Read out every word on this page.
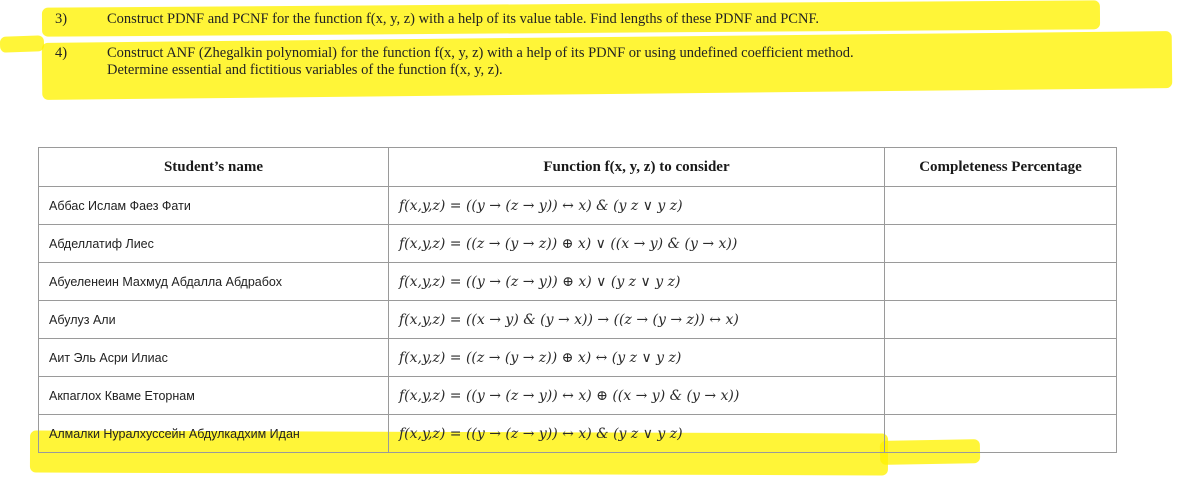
3)	Construct PDNF and PCNF for the function f(x, y, z) with a help of its value table. Find lengths of these PDNF and PCNF.
4)	Construct ANF (Zhegalkin polynomial) for the function f(x, y, z) with a help of its PDNF or using undefined coefficient method.
Determine essential and fictitious variables of the function f(x, y, z).
Student’s name	Function f(x, y, z) to consider	Completeness Percentage
Аббас Ислам Фаез Фати	f(x,y,z) = ((y → (z → y)) ↔ x) & (y z ∨ y z)	
Абделлатиф Лиес	f(x,y,z) = ((z → (y → z)) ⊕ x) ∨ ((x → y) & (y → x))	
Абуеленеин Махмуд Абдалла Абдрабох	f(x,y,z) = ((y → (z → y)) ⊕ x) ∨ (y z ∨ y z)	
Абулуз Али	f(x,y,z) = ((x → y) & (y → x)) → ((z → (y → z)) ↔ x)	
Аит Эль Асри Илиас	f(x,y,z) = ((z → (y → z)) ⊕ x) ↔ (y z ∨ y z)	
Акпаглох Кваме Еторнам	f(x,y,z) = ((y → (z → y)) ↔ x) ⊕ ((x → y) & (y → x))	
Алмалки Нуралхуссейн Абдулкадхим Идан	f(x,y,z) = ((y → (z → y)) ↔ x) & (y z ∨ y z)	
